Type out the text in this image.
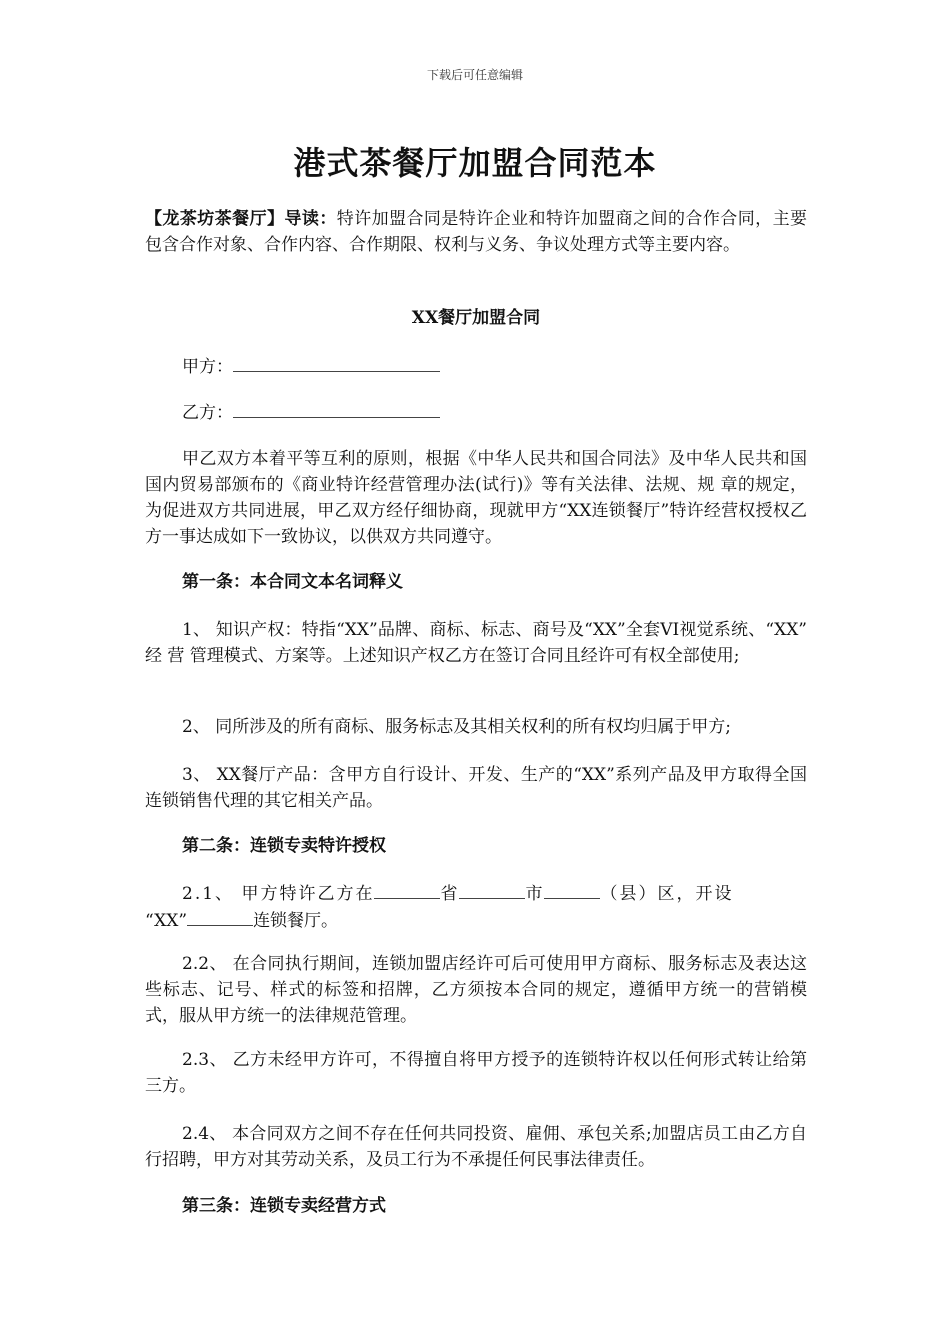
下载后可任意编辑
港式茶餐厅加盟合同范本
【龙茶坊茶餐厅】导读：特许加盟合同是特许企业和特许加盟商之间的合作合同，主要包含合作对象、合作内容、合作期限、权利与义务、争议处理方式等主要内容。
XX餐厅加盟合同
甲方：
乙方：
甲乙双方本着平等互利的原则，根据《中华人民共和国合同法》及中华人民共和国国内贸易部颁布的《商业特许经营管理办法(试行)》等有关法律、法规、规 章的规定，为促进双方共同进展，甲乙双方经仔细协商，现就甲方“XX连锁餐厅”特许经营权授权乙方一事达成如下一致协议，以供双方共同遵守。
第一条：本合同文本名词释义
1、 知识产权：特指“XX”品牌、商标、标志、商号及“XX”全套VI视觉系统、“XX” 经 营 管理模式、方案等。上述知识产权乙方在签订合同且经许可有权全部使用;
2、 同所涉及的所有商标、服务标志及其相关权利的所有权均归属于甲方;
3、 XX餐厅产品：含甲方自行设计、开发、生产的“XX”系列产品及甲方取得全国连锁销售代理的其它相关产品。
第二条：连锁专卖特许授权
2.1、 甲方特许乙方在	省	市	（县）区，开设
“XX”	连锁餐厅。
2.2、 在合同执行期间，连锁加盟店经许可后可使用甲方商标、服务标志及表达这些标志、记号、样式的标签和招牌，乙方须按本合同的规定，遵循甲方统一的营销模式，服从甲方统一的法律规范管理。
2.3、 乙方未经甲方许可，不得擅自将甲方授予的连锁特许权以任何形式转让给第三方。
2.4、 本合同双方之间不存在任何共同投资、雇佣、承包关系;加盟店员工由乙方自行招聘，甲方对其劳动关系，及员工行为不承提任何民事法律责任。
第三条：连锁专卖经营方式
